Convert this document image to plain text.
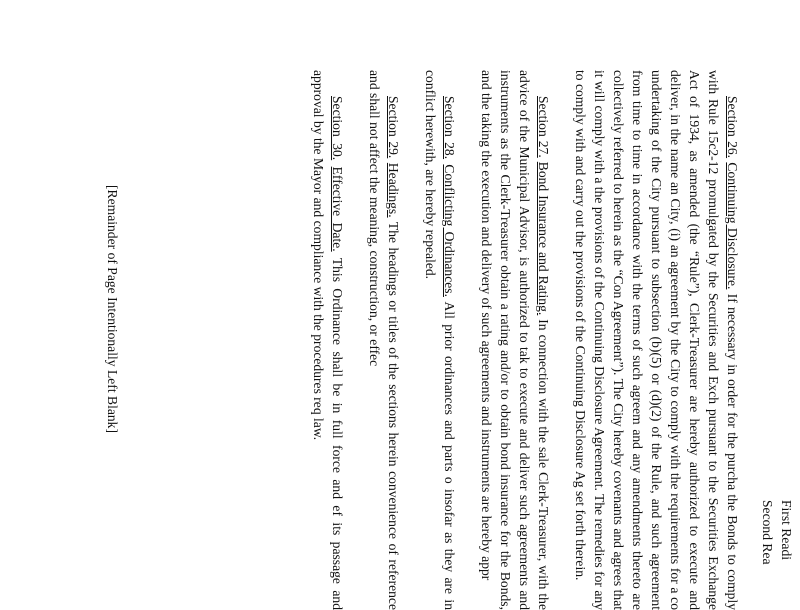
First Readi
Second Rea

Section 26. Continuing Disclosure. If necessary in order for the purcha the Bonds to comply with Rule 15c2-12 promulgated by the Securities and Exch pursuant to the Securities Exchange Act of 1934, as amended (the “Rule”), Clerk-Treasurer are hereby authorized to execute and deliver, in the name an City, (i) an agreement by the City to comply with the requirements for a co undertaking of the City pursuant to subsection (b)(5) or (d)(2) of the Rule, and such agreement from time to time in accordance with the terms of such agreem and any amendments thereto are collectively referred to herein as the “Con Agreement”). The City hereby covenants and agrees that it will comply with a the provisions of the Continuing Disclosure Agreement. The remedies for any to comply with and carry out the provisions of the Continuing Disclosure Ag set forth therein.

Section 27. Bond Insurance and Rating. In connection with the sale Clerk-Treasurer, with the advice of the Municipal Advisor, is authorized to tak to execute and deliver such agreements and instruments as the Clerk-Treasurer obtain a rating and/or to obtain bond insurance for the Bonds, and the taking the execution and delivery of such agreements and instruments are hereby appr

Section 28. Conflicting Ordinances. All prior ordinances and parts o insofar as they are in conflict herewith, are hereby repealed.

Section 29. Headings. The headings or titles of the sections herein convenience of reference and shall not affect the meaning, construction, or effec

Section 30. Effective Date. This Ordinance shall be in full force and ef its passage and approval by the Mayor and compliance with the procedures req law.

[Remainder of Page Intentionally Left Blank]
